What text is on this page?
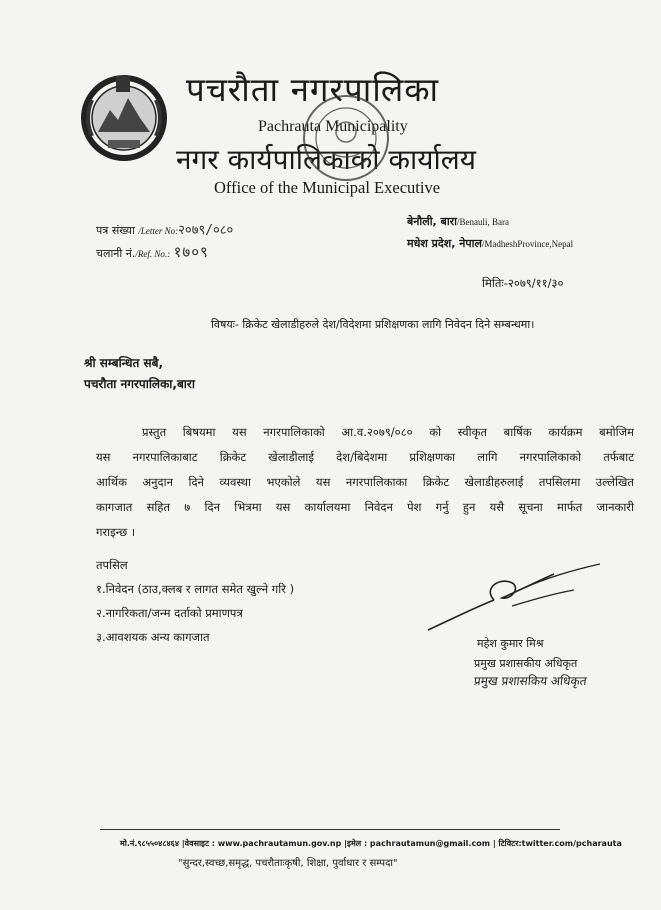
पचरौता नगरपालिका
Pachrauta Municipality
नगर कार्यपालिकाको कार्यालय
Office of the Municipal Executive
पत्र संख्या /Letter No:२०७९/०८०
चलानी नं./Ref. No.: १७०९
बेनौली, बारा/Benauli, Bara
मधेश प्रदेश, नेपाल/MadheshProvince,Nepal
मितिः-२०७९/११/३०
विषयः- क्रिकेट खेलाडीहरुले देश/विदेशमा प्रशिक्षणका लागि निवेदन दिने सम्बन्धमा।
श्री सम्बन्धित सबै,
पचरौता नगरपालिका,बारा
प्रस्तुत बिषयमा यस नगरपालिकाको आ.व.२०७९/०८० को स्वीकृत बार्षिक कार्यक्रम बमोजिम
यस नगरपालिकाबाट क्रिकेट खेलाडीलाई देश/बिदेशमा प्रशिक्षणका लागि नगरपालिकाको तर्फबाट
आर्थिक अनुदान दिने व्यवस्था भएकोले यस नगरपालिकाका क्रिकेट खेलाडीहरुलाई तपसिलमा उल्लेखित
कागजात सहित ७ दिन भित्रमा यस कार्यालयमा निवेदन पेश गर्नु हुन यसै सूचना मार्फत जानकारी
गराइन्छ ।
तपसिल
१.निवेदन (ठाउ,क्लब र लागत समेत खुल्ने गरि )
२.नागरिकता/जन्म दर्ताको प्रमाणपत्र
३.आवशयक अन्य कागजात	महेश कुमार मिश्र
प्रमुख प्रशासकीय अधिकृत
प्रमुख प्रशासकिय अधिकृत
मो.नं.९८५५०४८४६४ |वेवसाइट : www.pachrautamun.gov.np |इमेल : pachrautamun@gmail.com | टिविटर:twitter.com/pcharauta
"सुन्दर,स्वच्छ,समृद्ध, पचरौताःकृषी, शिक्षा, पुर्वाधार र सम्पदा"
